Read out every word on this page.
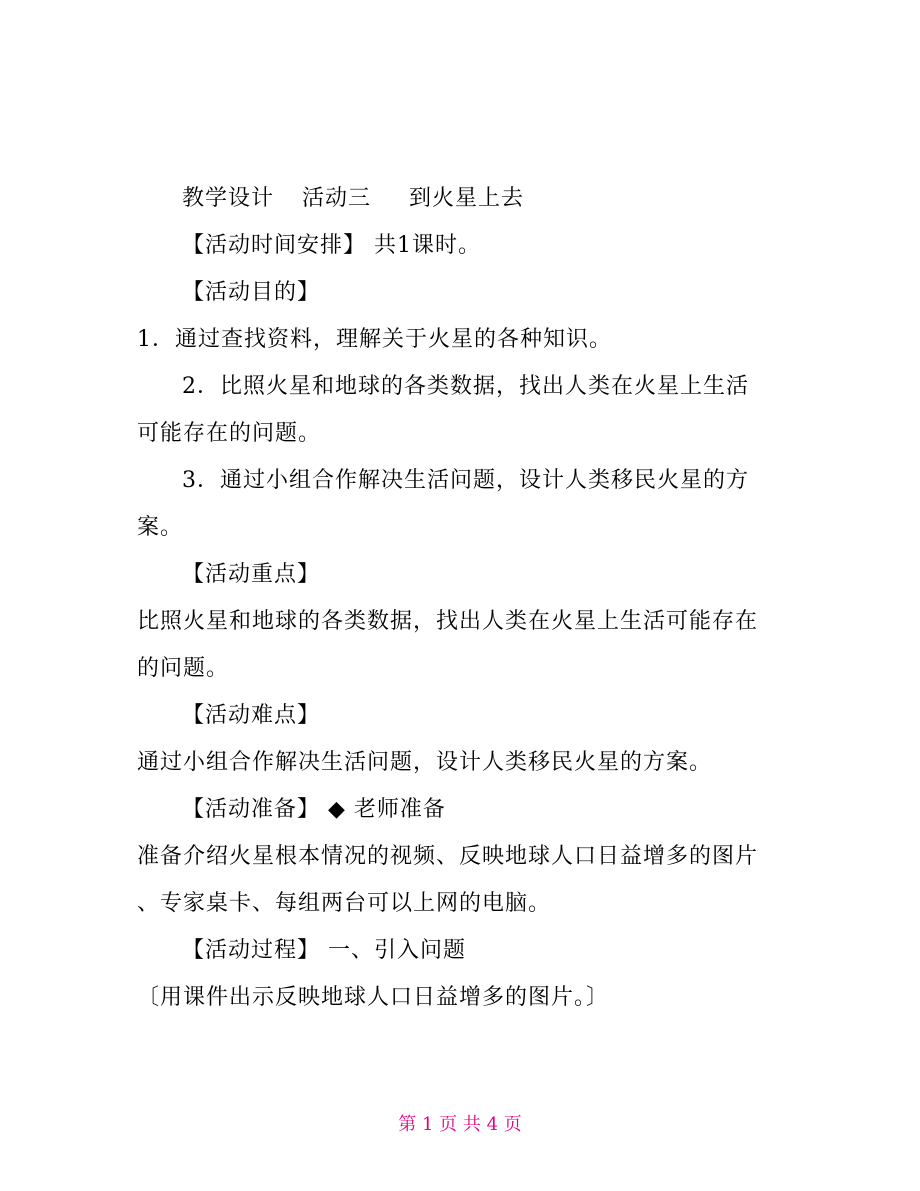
教学设计 活动三 到火星上去
【活动时间安排】 共1课时。
【活动目的】
1．通过查找资料，理解关于火星的各种知识。
2．比照火星和地球的各类数据，找出人类在火星上生活
可能存在的问题。
3．通过小组合作解决生活问题，设计人类移民火星的方
案。
【活动重点】
比照火星和地球的各类数据，找出人类在火星上生活可能存在
的问题。
【活动难点】
通过小组合作解决生活问题，设计人类移民火星的方案。
【活动准备】 ◆ 老师准备
准备介绍火星根本情况的视频、反映地球人口日益增多的图片
、专家桌卡、每组两台可以上网的电脑。
【活动过程】 一、引入问题
〔用课件出示反映地球人口日益增多的图片。〕
第 1 页 共 4 页
